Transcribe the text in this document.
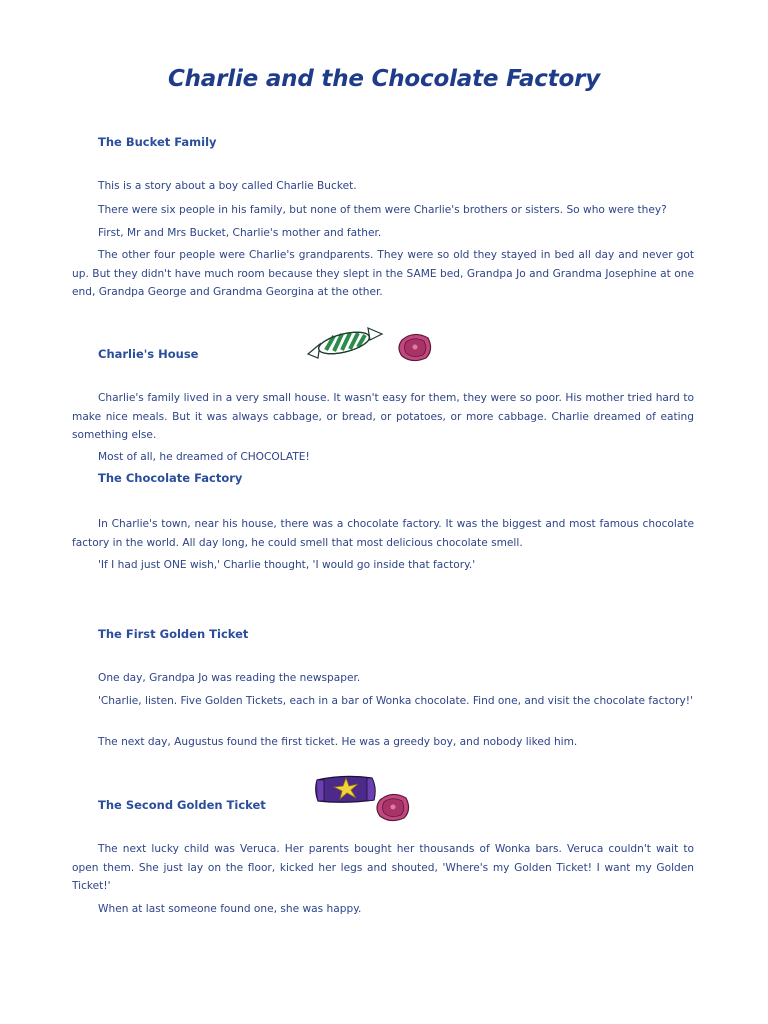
Charlie and the Chocolate Factory
The Bucket Family

This is a story about a boy called Charlie Bucket.

There were six people in his family, but none of them were Charlie's brothers or sisters. So who were they?

First, Mr and Mrs Bucket, Charlie's mother and father.

The other four people were Charlie's grandparents. They were so old they stayed in bed all day and never got up. But they didn't have much room because they slept in the SAME bed, Grandpa Jo and Grandma Josephine at one end, Grandpa George and Grandma Georgina at the other.

Charlie's House

Charlie's family lived in a very small house. It wasn't easy for them, they were so poor. His mother tried hard to make nice meals. But it was always cabbage, or bread, or potatoes, or more cabbage. Charlie dreamed of eating something else.

Most of all, he dreamed of CHOCOLATE!

The Chocolate Factory

In Charlie's town, near his house, there was a chocolate factory. It was the biggest and most famous chocolate factory in the world. All day long, he could smell that most delicious chocolate smell.

'If I had just ONE wish,' Charlie thought, 'I would go inside that factory.'

The First Golden Ticket

One day, Grandpa Jo was reading the newspaper.

'Charlie, listen. Five Golden Tickets, each in a bar of Wonka chocolate. Find one, and visit the chocolate factory!'

The next day, Augustus found the first ticket. He was a greedy boy, and nobody liked him.

The Second Golden Ticket

The next lucky child was Veruca. Her parents bought her thousands of Wonka bars. Veruca couldn't wait to open them. She just lay on the floor, kicked her legs and shouted, 'Where's my Golden Ticket! I want my Golden Ticket!'

When at last someone found one, she was happy.
